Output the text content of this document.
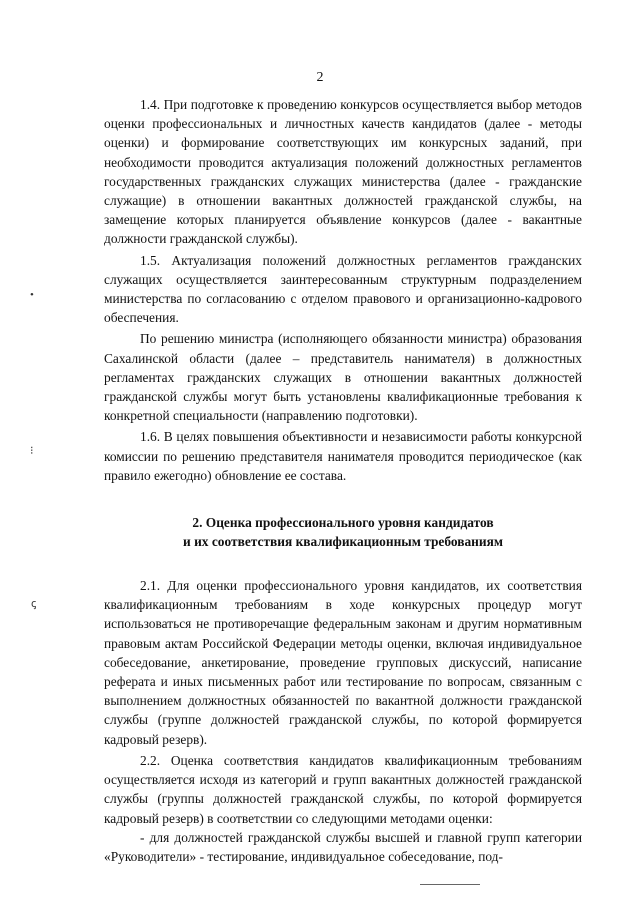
2

1.4. При подготовке к проведению конкурсов осуществляется выбор методов оценки профессиональных и личностных качеств кандидатов (далее - методы оценки) и формирование соответствующих им конкурсных заданий, при необходимости проводится актуализация положений должностных регламентов государственных гражданских служащих министерства (далее - гражданские служащие) в отношении вакантных должностей гражданской службы, на замещение которых планируется объявление конкурсов (далее - вакантные должности гражданской службы).

1.5. Актуализация положений должностных регламентов гражданских служащих осуществляется заинтересованным структурным подразделением министерства по согласованию с отделом правового и организационно-кадрового обеспечения.

По решению министра (исполняющего обязанности министра) образования Сахалинской области (далее – представитель нанимателя) в должностных регламентах гражданских служащих в отношении вакантных должностей гражданской службы могут быть установлены квалификационные требования к конкретной специальности (направлению подготовки).

1.6. В целях повышения объективности и независимости работы конкурсной комиссии по решению представителя нанимателя проводится периодическое (как правило ежегодно) обновление ее состава.

2. Оценка профессионального уровня кандидатов
и их соответствия квалификационным требованиям

2.1. Для оценки профессионального уровня кандидатов, их соответствия квалификационным требованиям в ходе конкурсных процедур могут использоваться не противоречащие федеральным законам и другим нормативным правовым актам Российской Федерации методы оценки, включая индивидуальное собеседование, анкетирование, проведение групповых дискуссий, написание реферата и иных письменных работ или тестирование по вопросам, связанным с выполнением должностных обязанностей по вакантной должности гражданской службы (группе должностей гражданской службы, по которой формируется кадровый резерв).

2.2. Оценка соответствия кандидатов квалификационным требованиям осуществляется исходя из категорий и групп вакантных должностей гражданской службы (группы должностей гражданской службы, по которой формируется кадровый резерв) в соответствии со следующими методами оценки:

- для должностей гражданской службы высшей и главной групп категории «Руководители» - тестирование, индивидуальное собеседование, под-

•
⁝
ꞔ
